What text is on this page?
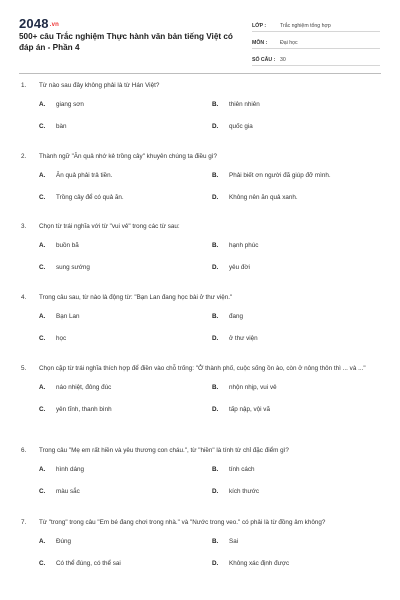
2048.vn
500+ câu Trắc nghiệm Thực hành văn bản tiếng Việt có đáp án - Phần 4
LỚP :	Trắc nghiệm tổng hợp
MÔN :	Đại học
SỐ CÂU : 30
1. Từ nào sau đây không phải là từ Hán Việt?
A. giang sơn	B. thiên nhiên
C. bàn	D. quốc gia
2. Thành ngữ "Ăn quả nhớ kẻ trồng cây" khuyên chúng ta điều gì?
A. Ăn quả phải trả tiền.	B. Phải biết ơn người đã giúp đỡ mình.
C. Trồng cây để có quả ăn.	D. Không nên ăn quả xanh.
3. Chọn từ trái nghĩa với từ "vui vẻ" trong các từ sau:
A. buồn bã	B. hạnh phúc
C. sung sướng	D. yêu đời
4. Trong câu sau, từ nào là động từ: "Bạn Lan đang học bài ở thư viện."
A. Bạn Lan	B. đang
C. học	D. ở thư viện
5. Chọn cặp từ trái nghĩa thích hợp để điền vào chỗ trống: "Ở thành phố, cuộc sống ồn ào, còn ở nông thôn thì ... và ..."
A. náo nhiệt, đông đúc	B. nhộn nhịp, vui vẻ
C. yên tĩnh, thanh bình	D. tấp nập, vội vã
6. Trong câu "Mẹ em rất hiền và yêu thương con cháu.", từ "hiền" là tính từ chỉ đặc điểm gì?
A. hình dáng	B. tính cách
C. màu sắc	D. kích thước
7. Từ "trong" trong câu "Em bé đang chơi trong nhà." và "Nước trong veo." có phải là từ đồng âm không?
A. Đúng	B. Sai
C. Có thể đúng, có thể sai	D. Không xác định được
